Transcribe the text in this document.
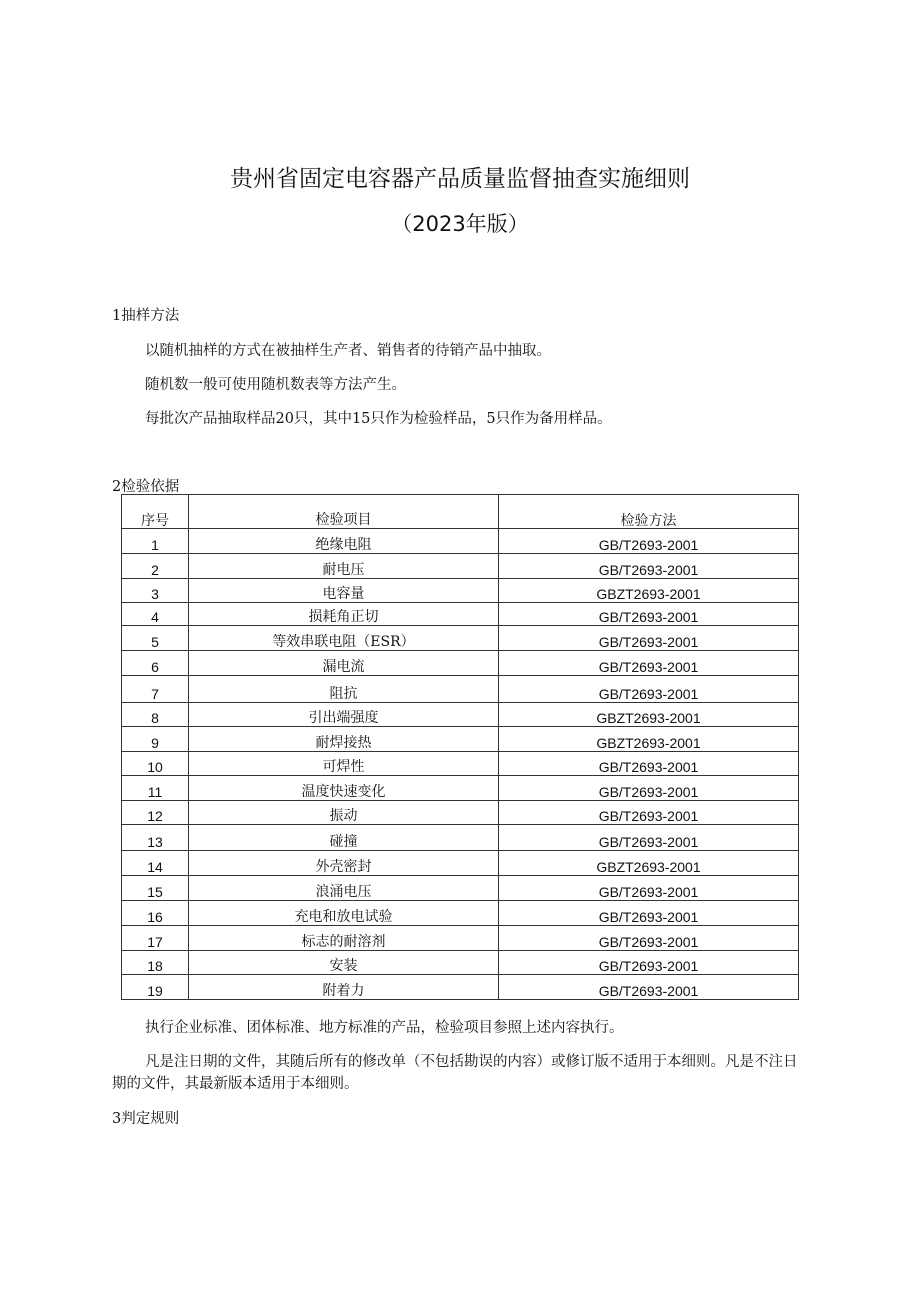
贵州省固定电容器产品质量监督抽查实施细则
（2023年版）
1抽样方法
以随机抽样的方式在被抽样生产者、销售者的待销产品中抽取。
随机数一般可使用随机数表等方法产生。
每批次产品抽取样品20只，其中15只作为检验样品，5只作为备用样品。
2检验依据
序号	检验项目	检验方法
1	绝缘电阻	GB/T2693-2001
2	耐电压	GB/T2693-2001
3	电容量	GBZT2693-2001
4	损耗角正切	GB/T2693-2001
5	等效串联电阻（ESR）	GB/T2693-2001
6	漏电流	GB/T2693-2001
7	阻抗	GB/T2693-2001
8	引出端强度	GBZT2693-2001
9	耐焊接热	GBZT2693-2001
10	可焊性	GB/T2693-2001
11	温度快速变化	GB/T2693-2001
12	振动	GB/T2693-2001
13	碰撞	GB/T2693-2001
14	外壳密封	GBZT2693-2001
15	浪涌电压	GB/T2693-2001
16	充电和放电试验	GB/T2693-2001
17	标志的耐溶剂	GB/T2693-2001
18	安装	GB/T2693-2001
19	附着力	GB/T2693-2001
执行企业标准、团体标准、地方标准的产品，检验项目参照上述内容执行。
凡是注日期的文件，其随后所有的修改单（不包括勘误的内容）或修订版不适用于本细则。凡是不注日期的文件，其最新版本适用于本细则。
3判定规则
